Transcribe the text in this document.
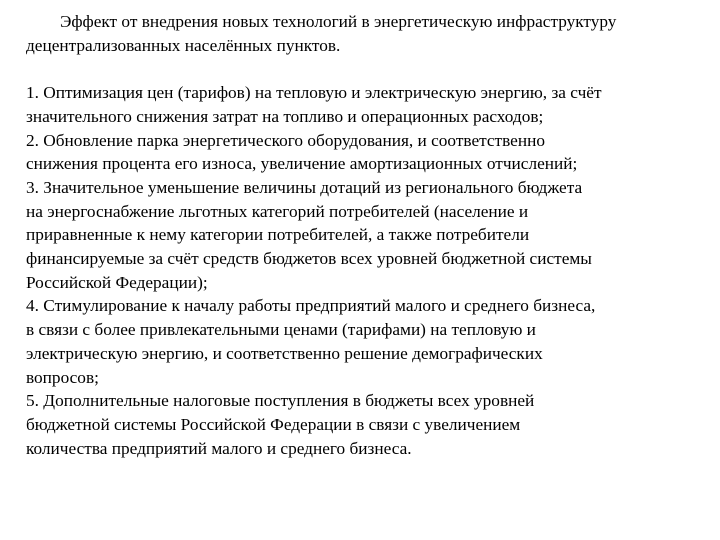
Эффект от внедрения новых технологий в энергетическую инфраструктуру
децентрализованных населённых пунктов.
1. Оптимизация цен (тарифов) на тепловую и электрическую энергию, за счёт
значительного снижения затрат на топливо и операционных расходов;
2. Обновление парка энергетического оборудования, и соответственно
снижения процента его износа, увеличение амортизационных отчислений;
3. Значительное уменьшение величины дотаций из регионального бюджета
на энергоснабжение льготных категорий потребителей (население и
приравненные к нему категории потребителей, а также потребители
финансируемые за счёт средств бюджетов всех уровней бюджетной системы
Российской Федерации);
4. Стимулирование к началу работы предприятий малого и среднего бизнеса,
в связи с более привлекательными ценами (тарифами) на тепловую и
электрическую энергию, и соответственно решение демографических
вопросов;
5. Дополнительные налоговые поступления в бюджеты всех уровней
бюджетной системы Российской Федерации в связи с увеличением
количества предприятий малого и среднего бизнеса.
